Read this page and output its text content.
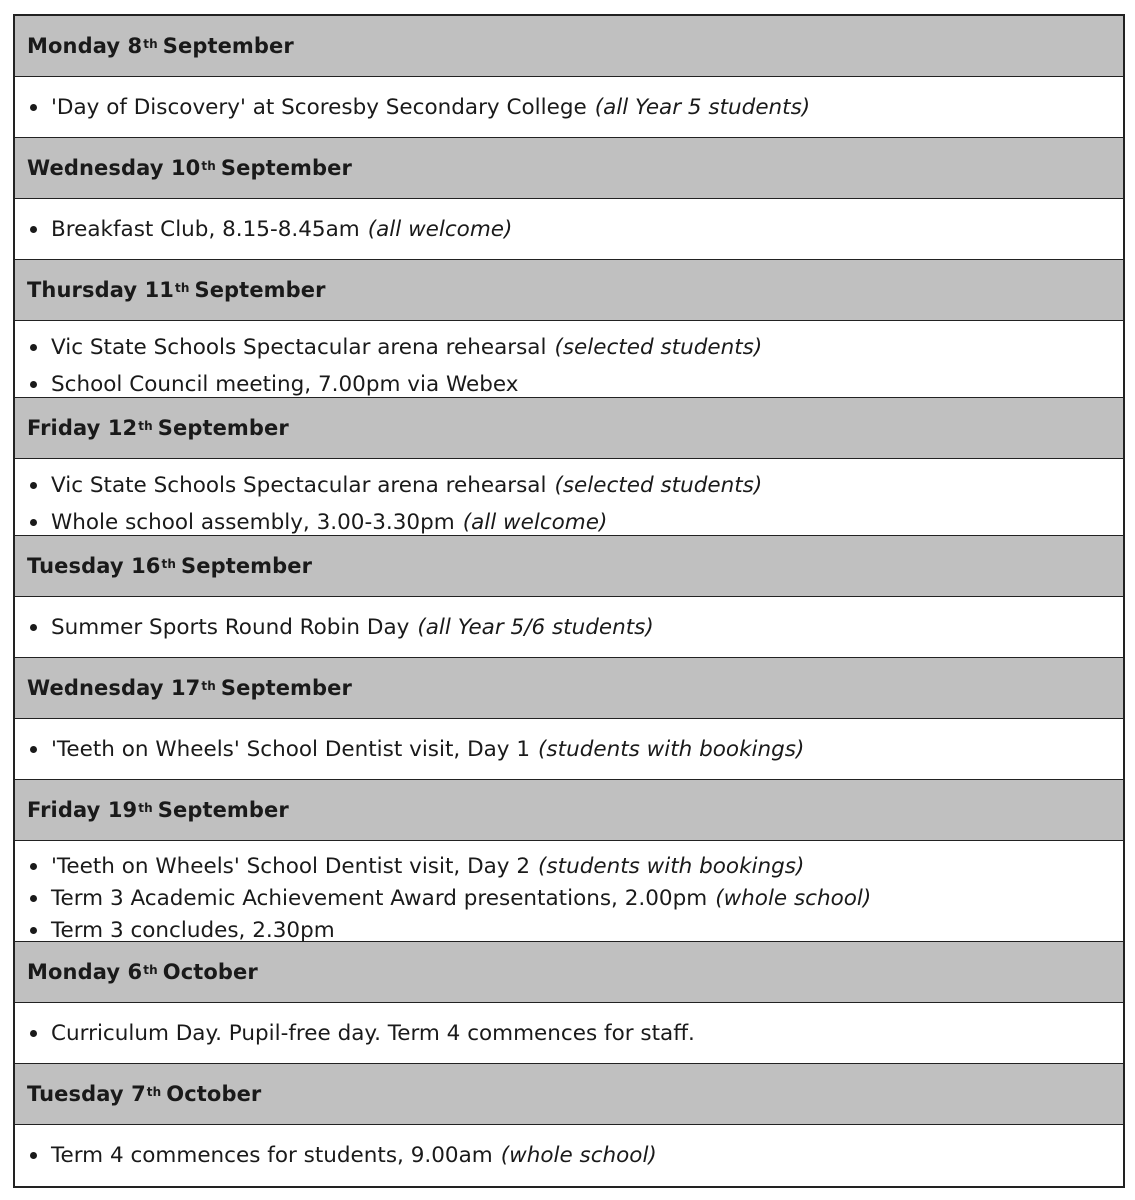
Monday
8th September
'Day of Discovery' at Scoresby Secondary College (all Year 5 students)
Wednesday
10th September
Breakfast Club, 8.15-8.45am (all welcome)
Thursday
11th September
Vic State Schools Spectacular arena rehearsal (selected students)
School Council meeting, 7.00pm via Webex
Friday
12th September
Vic State Schools Spectacular arena rehearsal (selected students)
Whole school assembly, 3.00-3.30pm (all welcome)
Tuesday
16th September
Summer Sports Round Robin Day (all Year 5/6 students)
Wednesday
17th September
'Teeth on Wheels' School Dentist visit, Day 1 (students with bookings)
Friday
19th September
'Teeth on Wheels' School Dentist visit, Day 2 (students with bookings)
Term 3 Academic Achievement Award presentations, 2.00pm (whole school)
Term 3 concludes, 2.30pm
Monday
6th October
Curriculum Day. Pupil-free day. Term 4 commences for staff.
Tuesday
7th October
Term 4 commences for students, 9.00am (whole school)
